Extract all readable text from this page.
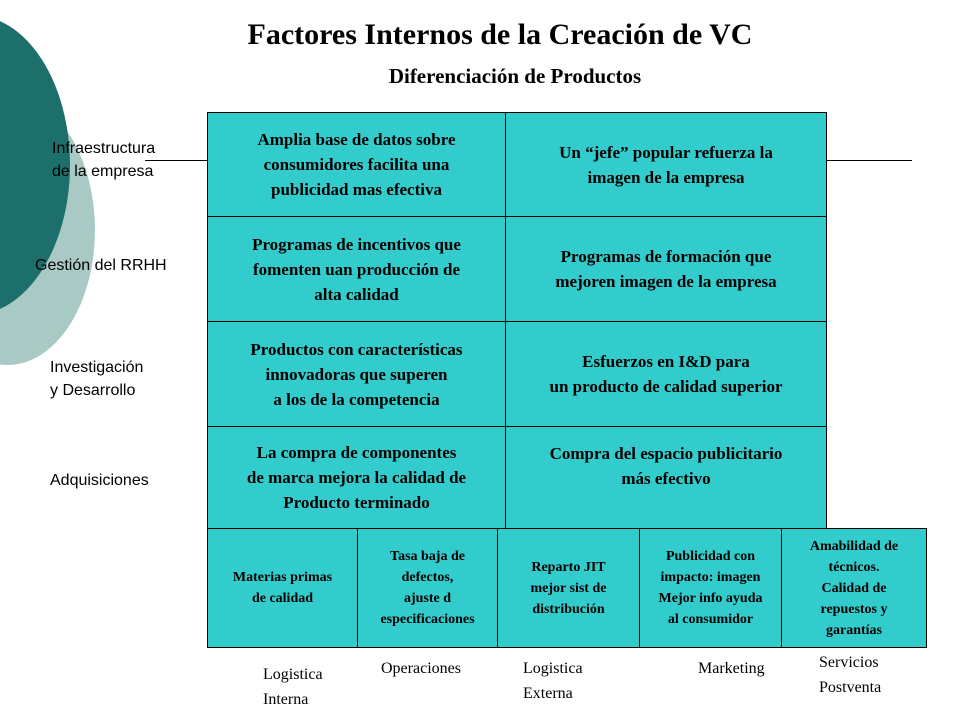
Factores Internos de la Creación de VC
Diferenciación de Productos
Infraestructura
de la empresa
Gestión del RRHH
Investigación
y Desarrollo
Adquisiciones
Amplia base de datos sobre
consumidores facilita una
publicidad mas efectiva
Un “jefe” popular refuerza la
imagen de la empresa
Programas de incentivos que
fomenten uan producción de
alta calidad
Programas de formación que
mejoren imagen de la empresa
Productos con características
innovadoras que superen
a los de la competencia
Esfuerzos en I&D para
un producto de calidad superior
La compra de componentes
de marca mejora la calidad de
Producto terminado
Compra del espacio publicitario
más efectivo
Materias primas
de calidad
Tasa baja de
defectos,
ajuste d
especificaciones
Reparto JIT
mejor sist de
distribución
Publicidad con
impacto: imagen
Mejor info ayuda
al consumidor
Amabilidad de
técnicos.
Calidad de
repuestos y
garantías
Logistica
Interna
Operaciones	Logistica
Externa
Marketing	Servicios
Postventa
